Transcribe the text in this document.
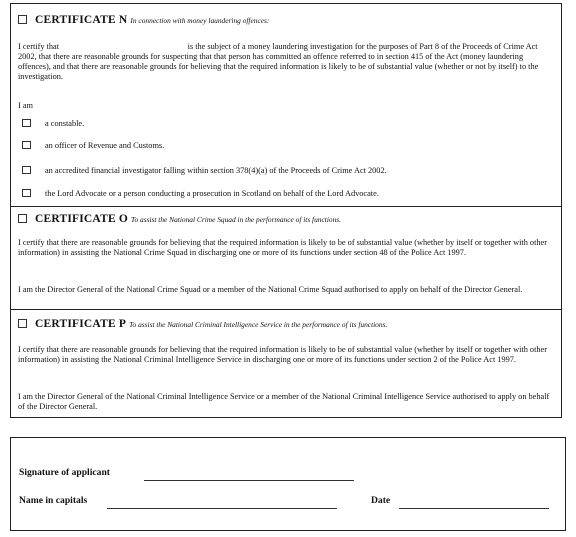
CERTIFICATE N In connection with money laundering offences:
I certify that                                                              is the subject of a money laundering investigation for the purposes of Part 8 of the Proceeds of Crime Act 2002, that there are reasonable grounds for suspecting that that person has committed an offence referred to in section 415 of the Act (money laundering offences), and that there are reasonable grounds for believing that the required information is likely to be of substantial value (whether or not by itself) to the investigation.
I am
a constable.
an officer of Revenue and Customs.
an accredited financial investigator falling within section 378(4)(a) of the Proceeds of Crime Act 2002.
the Lord Advocate or a person conducting a prosecution in Scotland on behalf of the Lord Advocate.
CERTIFICATE O To assist the National Crime Squad in the performance of its functions.
I certify that there are reasonable grounds for believing that the required information is likely to be of substantial value (whether by itself or together with other information) in assisting the National Crime Squad in discharging one or more of its functions under section 48 of the Police Act 1997.
I am the Director General of the National Crime Squad or a member of the National Crime Squad authorised to apply on behalf of the Director General.
CERTIFICATE P To assist the National Criminal Intelligence Service in the performance of its functions.
I certify that there are reasonable grounds for believing that the required information is likely to be of substantial value (whether by itself or together with other information) in assisting the National Criminal Intelligence Service in discharging one or more of its functions under section 2 of the Police Act 1997.
I am the Director General of the National Criminal Intelligence Service or a member of the National Criminal Intelligence Service authorised to apply on behalf of the Director General.
Signature of applicant
Name in capitals	Date
